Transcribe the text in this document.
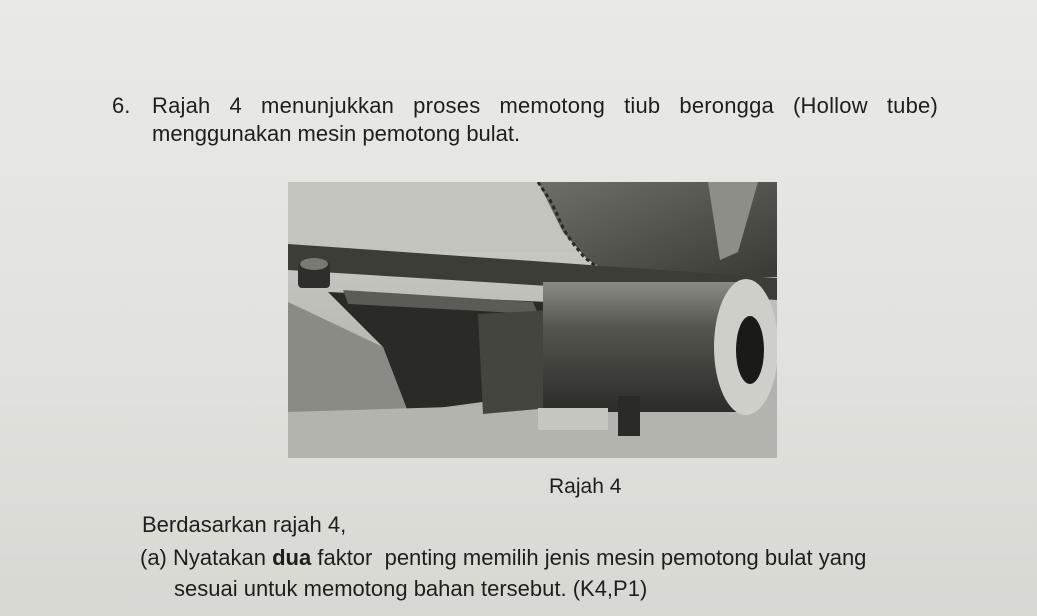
6. Rajah 4 menunjukkan proses memotong tiub berongga (Hollow tube)
menggunakan mesin pemotong bulat.
Rajah 4
Berdasarkan rajah 4,
(a) Nyatakan dua faktor  penting memilih jenis mesin pemotong bulat yang
sesuai untuk memotong bahan tersebut. (K4,P1)
